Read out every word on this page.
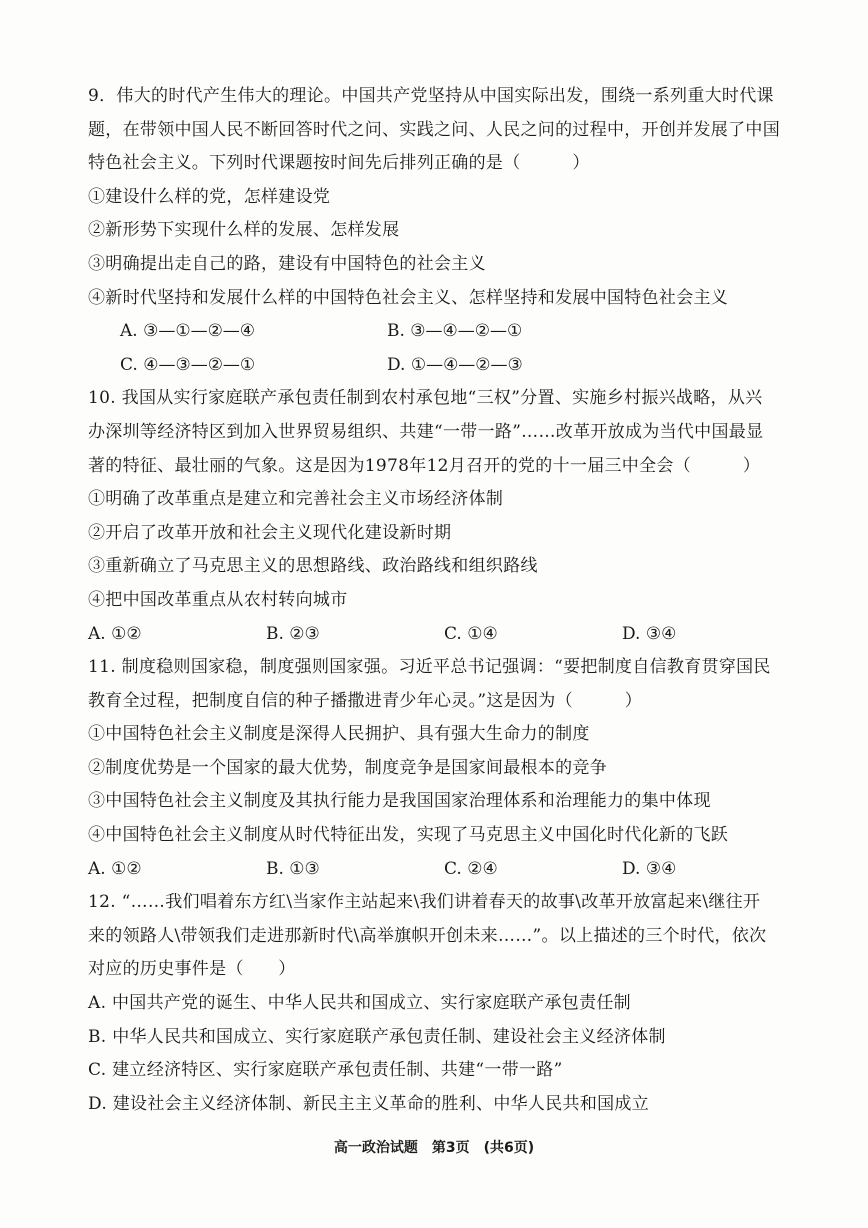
9．伟大的时代产生伟大的理论。中国共产党坚持从中国实际出发，围绕一系列重大时代课
题，在带领中国人民不断回答时代之问、实践之问、人民之问的过程中，开创并发展了中国
特色社会主义。下列时代课题按时间先后排列正确的是（　　　）
①建设什么样的党，怎样建设党
②新形势下实现什么样的发展、怎样发展
③明确提出走自己的路，建设有中国特色的社会主义
④新时代坚持和发展什么样的中国特色社会主义、怎样坚持和发展中国特色社会主义
A. ③—①—②—④	B. ③—④—②—①
C. ④—③—②—①	D. ①—④—②—③
10. 我国从实行家庭联产承包责任制到农村承包地“三权”分置、实施乡村振兴战略，从兴
办深圳等经济特区到加入世界贸易组织、共建“一带一路”……改革开放成为当代中国最显
著的特征、最壮丽的气象。这是因为1978年12月召开的党的十一届三中全会（　　　）
①明确了改革重点是建立和完善社会主义市场经济体制
②开启了改革开放和社会主义现代化建设新时期
③重新确立了马克思主义的思想路线、政治路线和组织路线
④把中国改革重点从农村转向城市
A. ①②	B. ②③	C. ①④	D. ③④
11. 制度稳则国家稳，制度强则国家强。习近平总书记强调：“要把制度自信教育贯穿国民
教育全过程，把制度自信的种子播撒进青少年心灵。”这是因为（　　　）
①中国特色社会主义制度是深得人民拥护、具有强大生命力的制度
②制度优势是一个国家的最大优势，制度竞争是国家间最根本的竞争
③中国特色社会主义制度及其执行能力是我国国家治理体系和治理能力的集中体现
④中国特色社会主义制度从时代特征出发，实现了马克思主义中国化时代化新的飞跃
A. ①②	B. ①③	C. ②④	D. ③④
12. “……我们唱着东方红\当家作主站起来\我们讲着春天的故事\改革开放富起来\继往开
来的领路人\带领我们走进那新时代\高举旗帜开创未来……”。以上描述的三个时代，依次
对应的历史事件是（　　）
A. 中国共产党的诞生、中华人民共和国成立、实行家庭联产承包责任制
B. 中华人民共和国成立、实行家庭联产承包责任制、建设社会主义经济体制
C. 建立经济特区、实行家庭联产承包责任制、共建“一带一路”
D. 建设社会主义经济体制、新民主主义革命的胜利、中华人民共和国成立
高一政治试题　第3页　(共6页)
